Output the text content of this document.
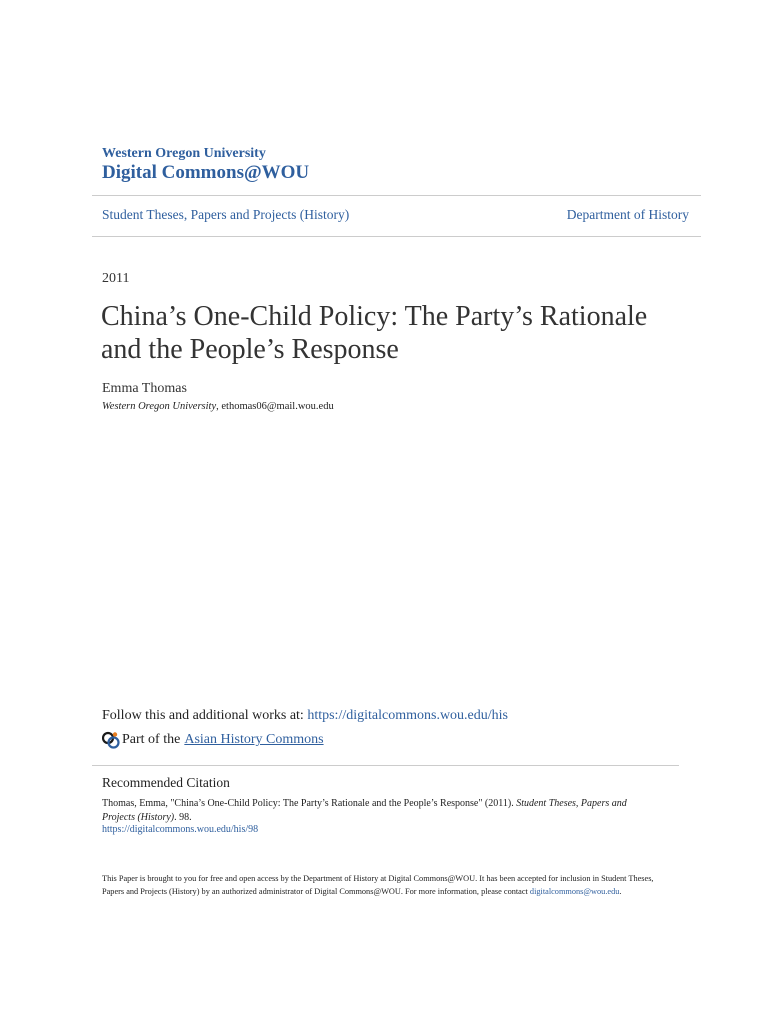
Western Oregon University
Digital Commons@WOU
Student Theses, Papers and Projects (History)	Department of History
2011
China’s One-Child Policy: The Party’s Rationale and the People’s Response
Emma Thomas
Western Oregon University, ethomas06@mail.wou.edu
Follow this and additional works at: https://digitalcommons.wou.edu/his
Part of the Asian History Commons
Recommended Citation
Thomas, Emma, "China’s One-Child Policy: The Party’s Rationale and the People’s Response" (2011). Student Theses, Papers and Projects (History). 98.
https://digitalcommons.wou.edu/his/98
This Paper is brought to you for free and open access by the Department of History at Digital Commons@WOU. It has been accepted for inclusion in Student Theses, Papers and Projects (History) by an authorized administrator of Digital Commons@WOU. For more information, please contact digitalcommons@wou.edu.
